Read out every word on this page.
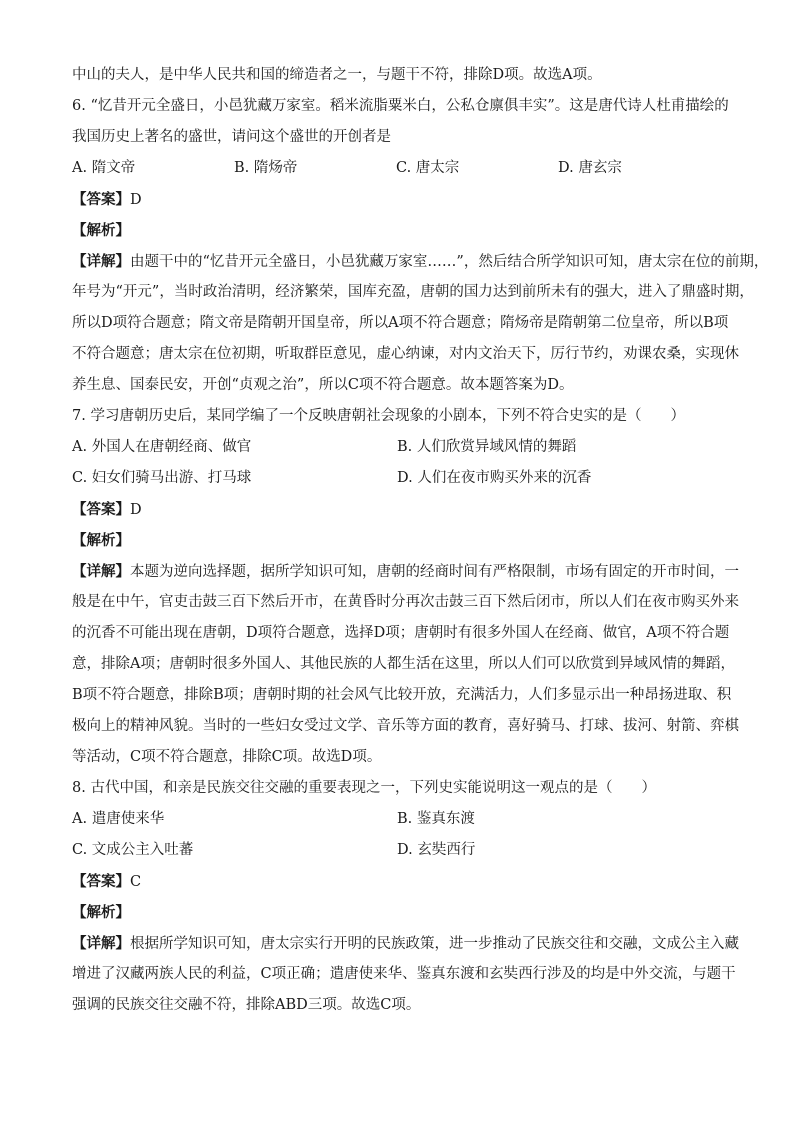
中山的夫人，是中华人民共和国的缔造者之一，与题干不符，排除D项。故选A项。
6. “忆昔开元全盛日，小邑犹藏万家室。稻米流脂粟米白，公私仓廪俱丰实”。这是唐代诗人杜甫描绘的
我国历史上著名的盛世，请问这个盛世的开创者是
A. 隋文帝	B. 隋炀帝	C. 唐太宗	D. 唐玄宗
【答案】D
【解析】
【详解】由题干中的“忆昔开元全盛日，小邑犹藏万家室……”，然后结合所学知识可知，唐太宗在位的前期，
年号为“开元”，当时政治清明，经济繁荣，国库充盈，唐朝的国力达到前所未有的强大，进入了鼎盛时期，
所以D项符合题意；隋文帝是隋朝开国皇帝，所以A项不符合题意；隋炀帝是隋朝第二位皇帝，所以B项
不符合题意；唐太宗在位初期，听取群臣意见，虚心纳谏，对内文治天下，厉行节约，劝课农桑，实现休
养生息、国泰民安，开创“贞观之治”，所以C项不符合题意。故本题答案为D。
7. 学习唐朝历史后，某同学编了一个反映唐朝社会现象的小剧本，下列不符合史实的是（　　）
A. 外国人在唐朝经商、做官	B. 人们欣赏异域风情的舞蹈
C. 妇女们骑马出游、打马球	D. 人们在夜市购买外来的沉香
【答案】D
【解析】
【详解】本题为逆向选择题，据所学知识可知，唐朝的经商时间有严格限制，市场有固定的开市时间，一
般是在中午，官吏击鼓三百下然后开市，在黄昏时分再次击鼓三百下然后闭市，所以人们在夜市购买外来
的沉香不可能出现在唐朝，D项符合题意，选择D项；唐朝时有很多外国人在经商、做官，A项不符合题
意，排除A项；唐朝时很多外国人、其他民族的人都生活在这里，所以人们可以欣赏到异域风情的舞蹈，
B项不符合题意，排除B项；唐朝时期的社会风气比较开放，充满活力，人们多显示出一种昂扬进取、积
极向上的精神风貌。当时的一些妇女受过文学、音乐等方面的教育，喜好骑马、打球、拔河、射箭、弈棋
等活动，C项不符合题意，排除C项。故选D项。
8. 古代中国，和亲是民族交往交融的重要表现之一，下列史实能说明这一观点的是（　　）
A. 遣唐使来华	B. 鉴真东渡
C. 文成公主入吐蕃	D. 玄奘西行
【答案】C
【解析】
【详解】根据所学知识可知，唐太宗实行开明的民族政策，进一步推动了民族交往和交融，文成公主入藏
增进了汉藏两族人民的利益，C项正确；遣唐使来华、鉴真东渡和玄奘西行涉及的均是中外交流，与题干
强调的民族交往交融不符，排除ABD三项。故选C项。
